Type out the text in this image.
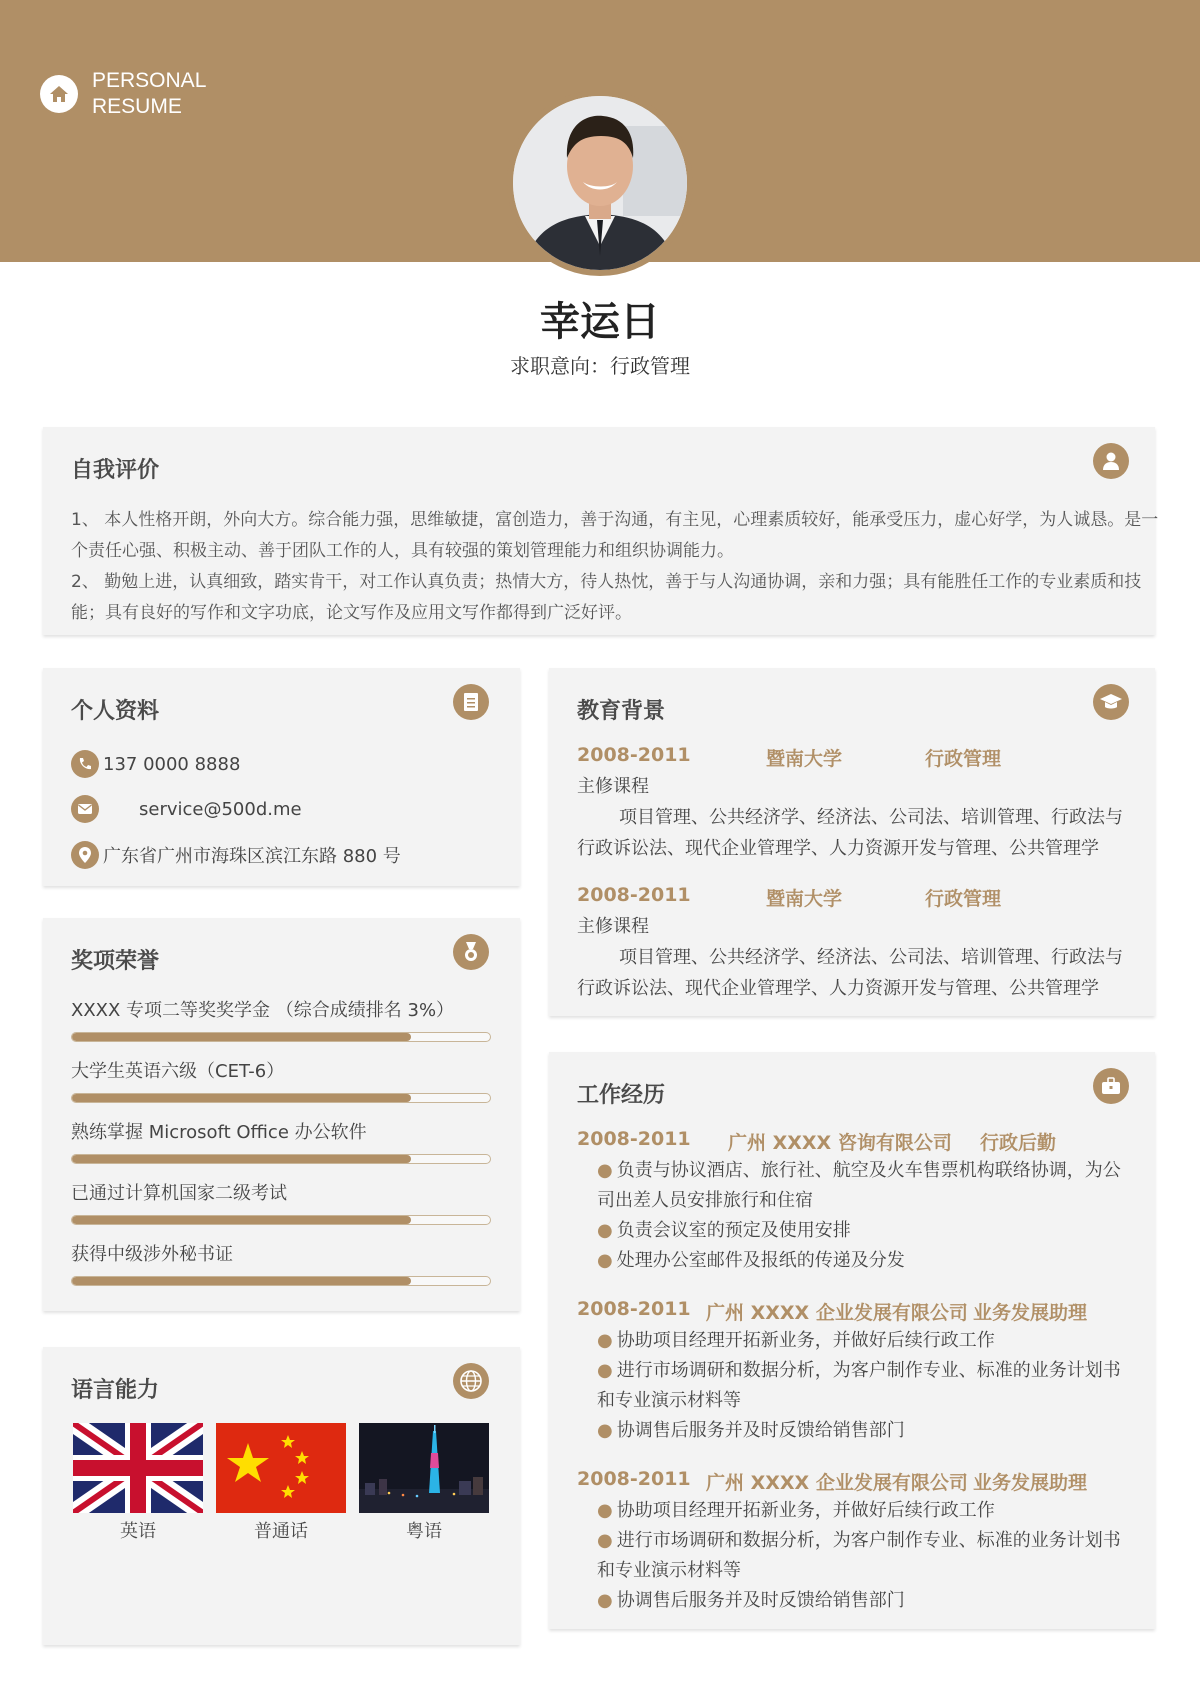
PERSONAL
RESUME
幸运日
求职意向：行政管理
自我评价
1、 本人性格开朗，外向大方。综合能力强，思维敏捷，富创造力，善于沟通，有主见，心理素质较好，能承受压力，虚心好学，为人诚恳。是一个责任心强、积极主动、善于团队工作的人，具有较强的策划管理能力和组织协调能力。
2、 勤勉上进，认真细致，踏实肯干，对工作认真负责；热情大方，待人热忱，善于与人沟通协调，亲和力强；具有能胜任工作的专业素质和技能；具有良好的写作和文字功底，论文写作及应用文写作都得到广泛好评。
个人资料
137 0000 8888
service@500d.me
广东省广州市海珠区滨江东路 880 号
奖项荣誉
XXXX 专项二等奖奖学金 （综合成绩排名 3%）
大学生英语六级（CET-6）
熟练掌握 Microsoft Office 办公软件
已通过计算机国家二级考试
获得中级涉外秘书证
语言能力
英语	普通话	粤语
教育背景
2008-2011	暨南大学	行政管理
主修课程
项目管理、公共经济学、经济法、公司法、培训管理、行政法与行政诉讼法、现代企业管理学、人力资源开发与管理、公共管理学
2008-2011	暨南大学	行政管理
主修课程
项目管理、公共经济学、经济法、公司法、培训管理、行政法与行政诉讼法、现代企业管理学、人力资源开发与管理、公共管理学
工作经历
2008-2011 广州 XXXX 咨询有限公司 行政后勤
● 负责与协议酒店、旅行社、航空及火车售票机构联络协调，为公司出差人员安排旅行和住宿
● 负责会议室的预定及使用安排
● 处理办公室邮件及报纸的传递及分发
2008-2011 广州 XXXX 企业发展有限公司 业务发展助理
● 协助项目经理开拓新业务，并做好后续行政工作
● 进行市场调研和数据分析，为客户制作专业、标准的业务计划书和专业演示材料等
● 协调售后服务并及时反馈给销售部门
2008-2011 广州 XXXX 企业发展有限公司 业务发展助理
● 协助项目经理开拓新业务，并做好后续行政工作
● 进行市场调研和数据分析，为客户制作专业、标准的业务计划书和专业演示材料等
● 协调售后服务并及时反馈给销售部门
